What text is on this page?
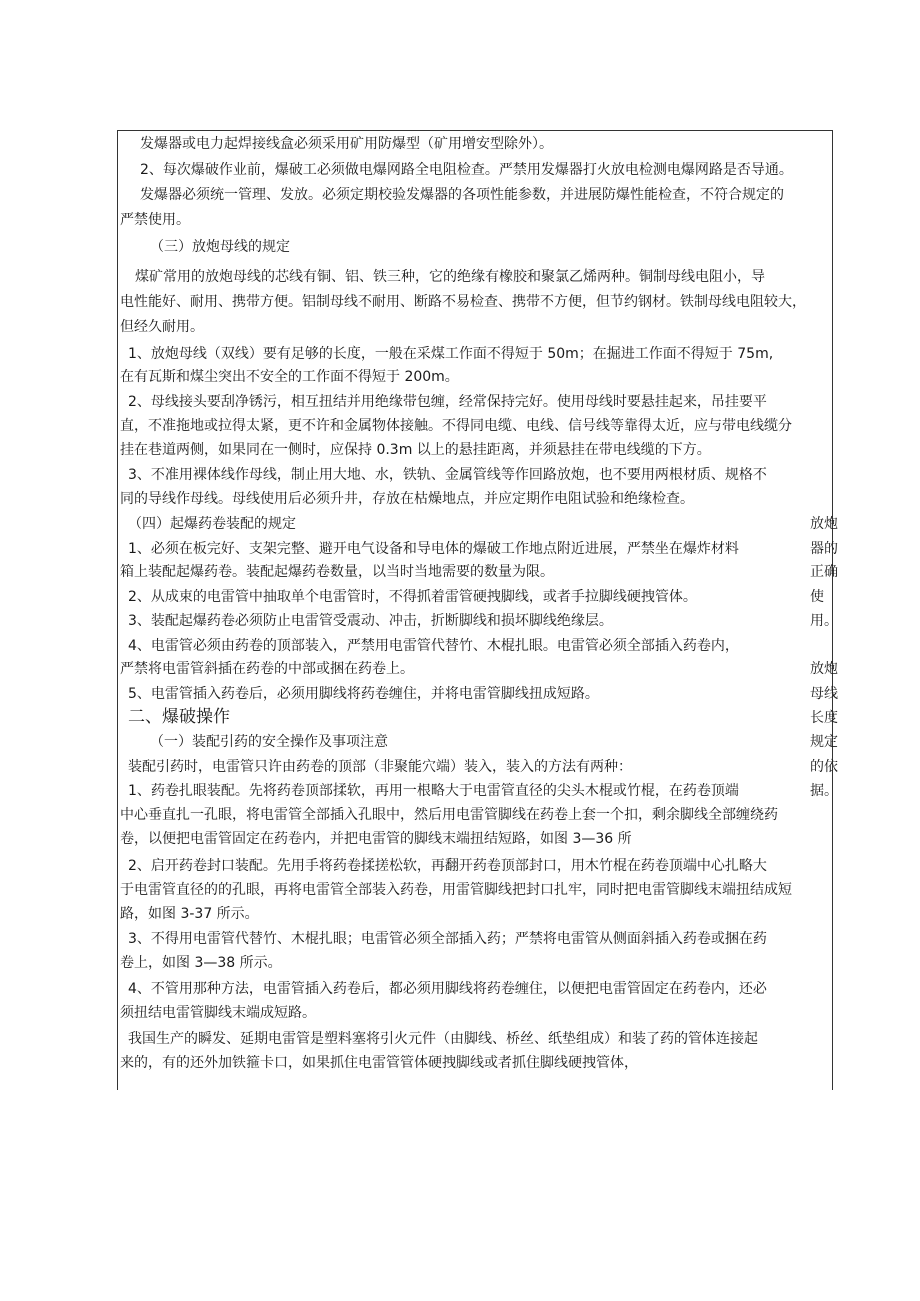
发爆器或电力起焊接线盒必须采用矿用防爆型（矿用增安型除外）。
2、每次爆破作业前，爆破工必须做电爆网路全电阻检查。严禁用发爆器打火放电检测电爆网路是否导通。
发爆器必须统一管理、发放。必须定期校验发爆器的各项性能参数，并进展防爆性能检查，不符合规定的
严禁使用。
（三）放炮母线的规定
煤矿常用的放炮母线的芯线有铜、铝、铁三种，它的绝缘有橡胶和聚氯乙烯两种。铜制母线电阻小，导
电性能好、耐用、携带方便。铝制母线不耐用、断路不易检查、携带不方便，但节约钢材。铁制母线电阻较大，
但经久耐用。
1、放炮母线（双线）要有足够的长度，一般在采煤工作面不得短于 50m；在掘进工作面不得短于 75m,
在有瓦斯和煤尘突出不安全的工作面不得短于 200m。
2、母线接头要刮净锈污，相互扭结并用绝缘带包缠，经常保持完好。使用母线时要悬挂起来，吊挂要平
直，不准拖地或拉得太紧，更不许和金属物体接触。不得同电缆、电线、信号线等靠得太近，应与带电线缆分
挂在巷道两侧，如果同在一侧时，应保持 0.3m 以上的悬挂距离，并须悬挂在带电线缆的下方。
3、不准用裸体线作母线，制止用大地、水，铁轨、金属管线等作回路放炮，也不要用两根材质、规格不
同的导线作母线。母线使用后必须升井，存放在枯燥地点，并应定期作电阻试验和绝缘检查。
（四）起爆药卷装配的规定
1、必须在板完好、支架完整、避开电气设备和导电体的爆破工作地点附近进展，严禁坐在爆炸材料
箱上装配起爆药卷。装配起爆药卷数量，以当时当地需要的数量为限。
2、从成束的电雷管中抽取单个电雷管时，不得抓着雷管硬拽脚线，或者手拉脚线硬拽管体。
3、装配起爆药卷必须防止电雷管受震动、冲击，折断脚线和损坏脚线绝缘层。
4、电雷管必须由药卷的顶部装入，严禁用电雷管代替竹、木棍扎眼。电雷管必须全部插入药卷内，
严禁将电雷管斜插在药卷的中部或捆在药卷上。
5、电雷管插入药卷后，必须用脚线将药卷缠住，并将电雷管脚线扭成短路。
二、爆破操作
（一）装配引药的安全操作及事项注意
装配引药时，电雷管只许由药卷的顶部（非聚能穴端）装入，装入的方法有两种：
1、药卷扎眼装配。先将药卷顶部揉软，再用一根略大于电雷管直径的尖头木棍或竹棍，在药卷顶端
中心垂直扎一孔眼，将电雷管全部插入孔眼中，然后用电雷管脚线在药卷上套一个扣，剩余脚线全部缠绕药
卷，以便把电雷管固定在药卷内，并把电雷管的脚线末端扭结短路，如图 3—36 所
2、启开药卷封口装配。先用手将药卷揉搓松软，再翻开药卷顶部封口，用木竹棍在药卷顶端中心扎略大
于电雷管直径的的孔眼，再将电雷管全部装入药卷，用雷管脚线把封口扎牢，同时把电雷管脚线末端扭结成短
路，如图 3-37 所示。
3、不得用电雷管代替竹、木棍扎眼；电雷管必须全部插入药；严禁将电雷管从侧面斜插入药卷或捆在药
卷上，如图 3—38 所示。
4、不管用那种方法，电雷管插入药卷后，都必须用脚线将药卷缠住，以便把电雷管固定在药卷内，还必
须扭结电雷管脚线末端成短路。
我国生产的瞬发、延期电雷管是塑料塞将引火元件（由脚线、桥丝、纸垫组成）和装了药的管体连接起
来的，有的还外加铁箍卡口，如果抓住电雷管管体硬拽脚线或者抓住脚线硬拽管体，
放炮
器的
正确
使
用。
放炮
母线
长度
规定
的依
据。
